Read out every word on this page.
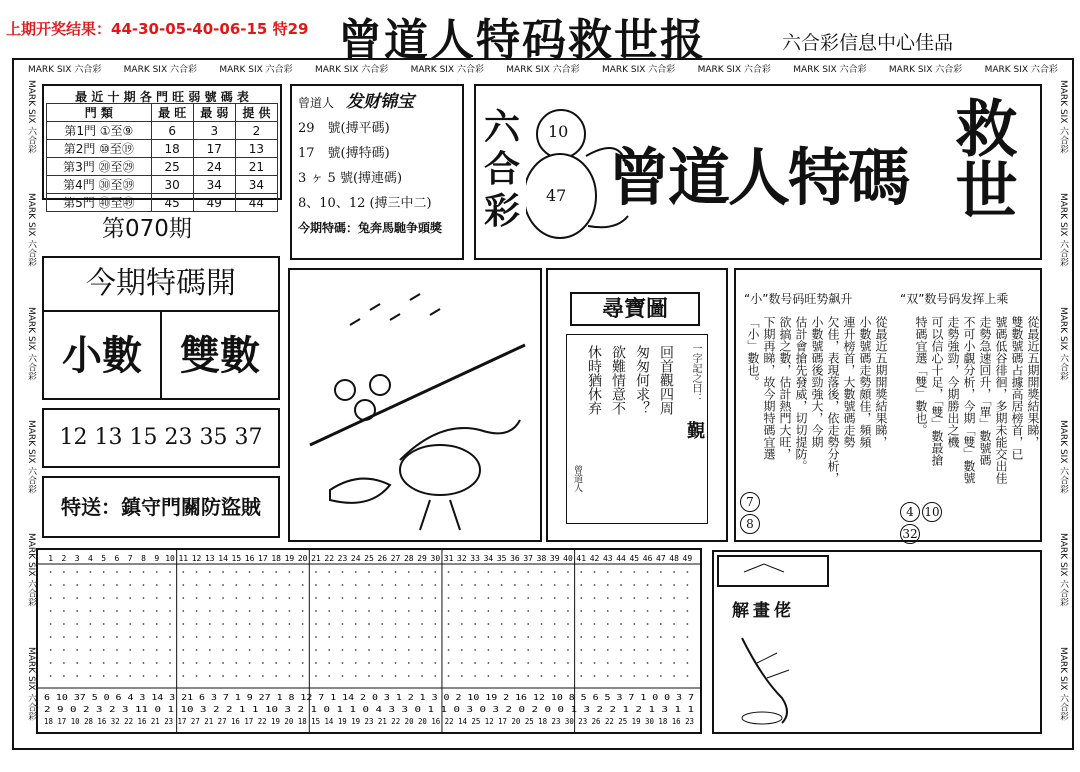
上期开奖结果：44-30-05-40-06-15 特29 曾道人特码救世报	六合彩信息中心佳品
MARK SIX 六合彩 MARK SIX 六合彩 MARK SIX 六合彩 MARK SIX 六合彩 MARK SIX 六合彩 MARK SIX 六合彩 MARK SIX 六合彩 MARK SIX 六合彩 MARK SIX 六合彩 MARK SIX 六合彩 MARK SIX 六合彩
MARK SIX 六合彩
MARK SIX 六合彩
MARK SIX 六合彩
MARK SIX 六合彩
MARK SIX 六合彩
MARK SIX 六合彩
MARK SIX 六合彩
MARK SIX 六合彩
MARK SIX 六合彩
MARK SIX 六合彩
MARK SIX 六合彩
MARK SIX 六合彩
最 近 十 期 各 門 旺 弱 號 碼 表
門 類	最 旺	最 弱	提 供
第1門 ①至⑨	6	3	2
第2門 ⑩至⑲	18	17	13
第3門 ⑳至㉙	25	24	21
第4門 ㉚至㊴	30	34	34
第5門 ㊵至㊾	45	49	44
第070期
曾道人 发财锦宝
29　號(搏平碼)
17　號(搏特碼)
3 ヶ 5 號(搏連碼)
8、10、12 (搏三中二)
今期特碼：兔奔馬馳争頭獎
六
合
彩
10
47 曾道人特碼 救世
今期特碼開
小數 雙數
12 13 15 23 35 37
特送：鎮守門關防盜賊
尋寶圖
一字記之曰：
覲
回首觀四周
匆匆何求？
欲難情意不
休時猶休弃
曾道人
“小”数号码旺势飙升	“双”数号码发挥上乘
從最近五期開獎結果睇，
小數號碼走勢頗佳，頻頻
連升榜首，大數號碼走勢
欠佳，表現落後，依走勢分析，
小數號碼後勁強大，今期
估計會搶先發威，切切提防。
欲搞之數，估計熱門大旺，
下期再睇，故今期特碼宜選
「小」數也。	從最近五期開獎結果睇，
雙數號碼占據高居榜首，已
號碼低谷徘徊，多期未能交出佳
走勢急速回升，「單」數號碼
不可小覷分析，今期「雙」數號
走勢強勁，今期勝出之機
可以信心十足，「雙」數最搶
特碼宜選「雙」數也。
7
8
4 10
32
1 2 3 4 5 6 7 8 9 10 11 12 13 14 15 16 17 18 19 20 21 22 23 24 25 26 27 28 29 30 31 32 33 34 35 36 37 38 39 40 41 42 43 44 45 46 47 48 49
6 10 37 5 0 6 4 3 14 3 21 6 3 7 1 9 27 1 8 12 7 1 14 2 0 3 1 2 1 3 0 2 10 19 2 16 12 10 8 5 6 5 3 7 1 0 0 3 7
2 9 0 2 3 2 3 11 0 1 10 3 2 2 1 1 10 3 2 1 0 1 1 0 4 3 3 0 1 1 0 3 0 3 2 0 2 0 0 1 3 2 2 1 2 1 3 1 1
18 17 10 28 16 32 22 16 21 23 17 27 21 27 16 17 22 19 20 18 15 14 19 19 23 21 22 20 20 16 22 14 25 12 17 20 25 18 23 30 23 26 22 25 19 30 18 16 23
解畫佬
